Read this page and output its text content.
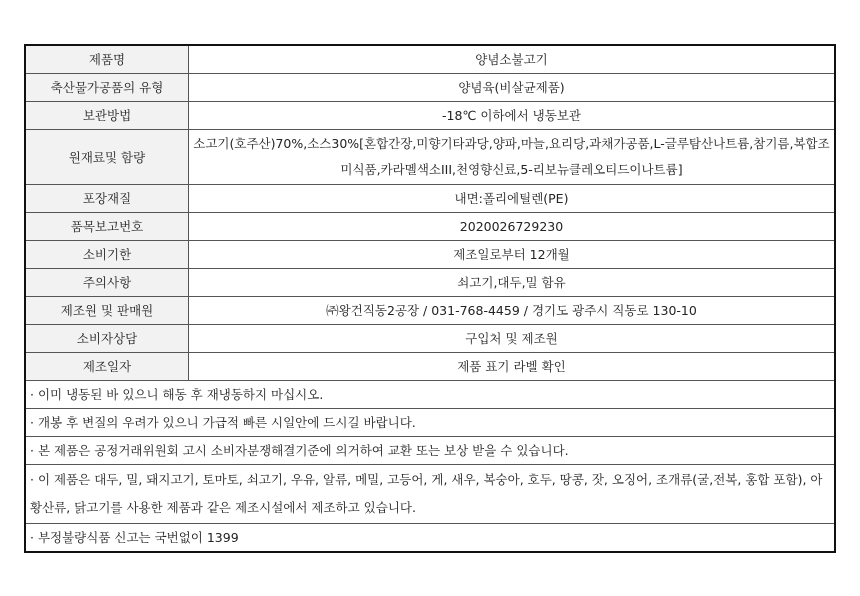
제품명	양념소불고기
축산물가공품의 유형	양념육(비살균제품)
보관방법	-18℃ 이하에서 냉동보관
원재료및 함량	소고기(호주산)70%,소스30%[혼합간장,미향기타과당,양파,마늘,요리당,과채가공품,L-글루탐산나트륨,참기름,복합조미식품,카라멜색소III,천영향신료,5-리보뉴클레오티드이나트륨]
포장재질	내면:폴리에틸렌(PE)
품목보고번호	2020026729230
소비기한	제조일로부터 12개월
주의사항	쇠고기,대두,밀 함유
제조원 및 판매원	㈜왕건직동2공장 / 031-768-4459 / 경기도 광주시 직동로 130-10
소비자상담	구입처 및 제조원
제조일자	제품 표기 라벨 확인
· 이미 냉동된 바 있으니 해동 후 재냉동하지 마십시오.	
· 개봉 후 변질의 우려가 있으니 가급적 빠른 시일안에 드시길 바랍니다.	
· 본 제품은 공정거래위원회 고시 소비자분쟁해결기준에 의거하여 교환 또는 보상 받을 수 있습니다.	
· 이 제품은 대두, 밀, 돼지고기, 토마토, 쇠고기, 우유, 알류, 메밀, 고등어, 게, 새우, 복숭아, 호두, 땅콩, 잣, 오징어, 조개류(굴,전복, 홍합 포함), 아황산류, 닭고기를 사용한 제품과 같은 제조시설에서 제조하고 있습니다.	
· 부정불량식품 신고는 국번없이 1399	
